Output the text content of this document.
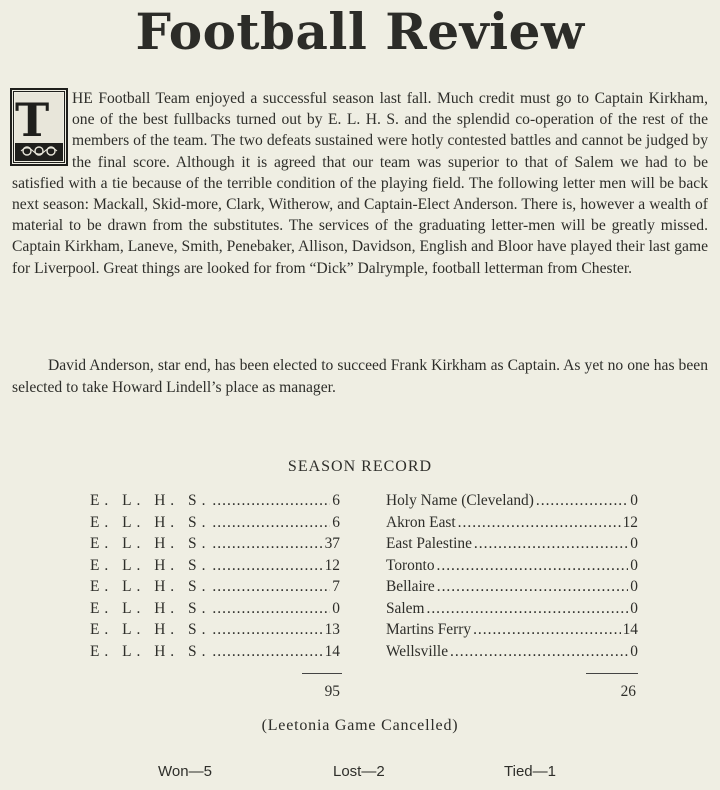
Football Review
T	HE Football Team enjoyed a successful season last fall. Much credit must go to Captain Kirkham, one of the best fullbacks turned out by E. L. H. S. and the splendid co-operation of the rest of the members of the team. The two defeats sustained were hotly contested battles and cannot be judged by the final score. Although it is agreed that our team was superior to that of Salem we had to be satisfied with a tie because of the terrible condition of the playing field. The following letter men will be back next season: Mackall, Skid-more, Clark, Witherow, and Captain-Elect Anderson. There is, however a wealth of material to be drawn from the substitutes. The services of the graduating letter-men will be greatly missed. Captain Kirkham, Laneve, Smith, Penebaker, Allison, Davidson, English and Bloor have played their last game for Liverpool. Great things are looked for from “Dick” Dalrymple, football letterman from Chester.
David Anderson, star end, has been elected to succeed Frank Kirkham as Captain. As yet no one has been selected to take Howard Lindell’s place as manager.
SEASON RECORD
E. L. H. S. .....	6
E. L. H. S. .....	6
E. L. H. S. .....	37
E. L. H. S. .....	12
E. L. H. S. .....	7
E. L. H. S. .....	0
E. L. H. S. .....	13
E. L. H. S. .....	14
Holy Name (Cleveland) .....	0
Akron East .....	12
East Palestine .....	0
Toronto .....	0
Bellaire .....	0
Salem .....	0
Martins Ferry .....	14
Wellsville .....	0
95	26
(Leetonia Game Cancelled)
Won—5	Lost—2	Tied—1
